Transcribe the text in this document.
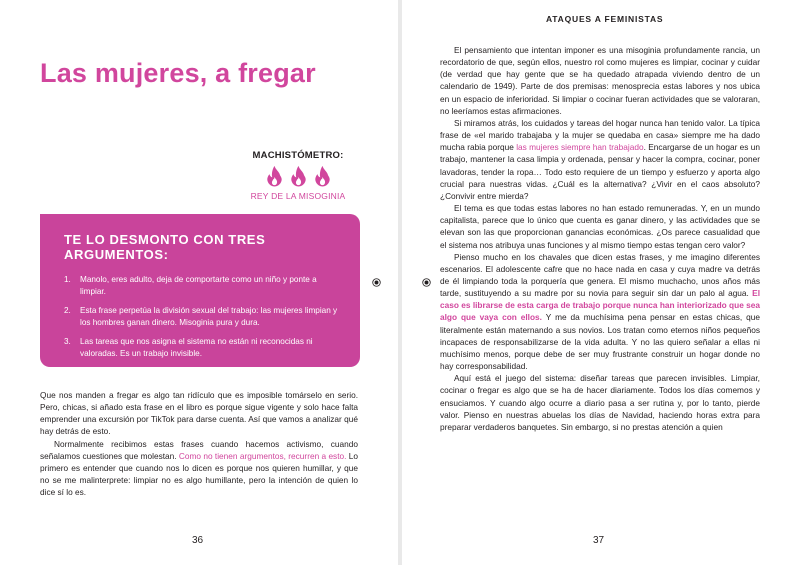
Las mujeres, a fregar
MACHISTÓMETRO:
REY DE LA MISOGINIA
TE LO DESMONTO CON TRES ARGUMENTOS:
1.	Manolo, eres adulto, deja de comportarte como un niño y ponte a limpiar.
2.	Esta frase perpetúa la división sexual del trabajo: las mujeres limpian y los hombres ganan dinero. Misoginia pura y dura.
3.	Las tareas que nos asigna el sistema no están ni reconocidas ni valoradas. Es un trabajo invisible.

Que nos manden a fregar es algo tan ridículo que es imposible tomárselo en serio. Pero, chicas, si añado esta frase en el libro es porque sigue vigente y solo hace falta emprender una excursión por TikTok para darse cuenta. Así que vamos a analizar qué hay detrás de esto.

Normalmente recibimos estas frases cuando hacemos activismo, cuando señalamos cuestiones que molestan. Como no tienen argumentos, recurren a esto. Lo primero es entender que cuando nos lo dicen es porque nos quieren humillar, y que no se me malinterprete: limpiar no es algo humillante, pero la intención de quien lo dice sí lo es.

36
ATAQUES A FEMINISTAS

El pensamiento que intentan imponer es una misoginia profundamente rancia, un recordatorio de que, según ellos, nuestro rol como mujeres es limpiar, cocinar y cuidar (de verdad que hay gente que se ha quedado atrapada viviendo dentro de un calendario de 1949). Parte de dos premisas: menosprecia estas labores y nos ubica en un espacio de inferioridad. Si limpiar o cocinar fueran actividades que se valoraran, no leeríamos estas afirmaciones.

Si miramos atrás, los cuidados y tareas del hogar nunca han tenido valor. La típica frase de «el marido trabajaba y la mujer se quedaba en casa» siempre me ha dado mucha rabia porque las mujeres siempre han trabajado. Encargarse de un hogar es un trabajo, mantener la casa limpia y ordenada, pensar y hacer la compra, cocinar, poner lavadoras, tender la ropa… Todo esto requiere de un tiempo y esfuerzo y aporta algo crucial para nuestras vidas. ¿Cuál es la alternativa? ¿Vivir en el caos absoluto? ¿Convivir entre mierda?

El tema es que todas estas labores no han estado remuneradas. Y, en un mundo capitalista, parece que lo único que cuenta es ganar dinero, y las actividades que se elevan son las que proporcionan ganancias económicas. ¿Os parece casualidad que el sistema nos atribuya unas funciones y al mismo tiempo estas tengan cero valor?

Pienso mucho en los chavales que dicen estas frases, y me imagino diferentes escenarios. El adolescente cafre que no hace nada en casa y cuya madre va detrás de él limpiando toda la porquería que genera. El mismo muchacho, unos años más tarde, sustituyendo a su madre por su novia para seguir sin dar un palo al agua. El caso es librarse de esta carga de trabajo porque nunca han interiorizado que sea algo que vaya con ellos. Y me da muchísima pena pensar en estas chicas, que literalmente están maternando a sus novios. Los tratan como eternos niños pequeños incapaces de responsabilizarse de la vida adulta. Y no las quiero señalar a ellas ni muchísimo menos, porque debe de ser muy frustrante construir un hogar donde no hay corresponsabilidad.

Aquí está el juego del sistema: diseñar tareas que parecen invisibles. Limpiar, cocinar o fregar es algo que se ha de hacer diariamente. Todos los días comemos y ensuciamos. Y cuando algo ocurre a diario pasa a ser rutina y, por lo tanto, pierde valor. Pienso en nuestras abuelas los días de Navidad, haciendo horas extra para preparar verdaderos banquetes. Sin embargo, si no prestas atención a quien

37
